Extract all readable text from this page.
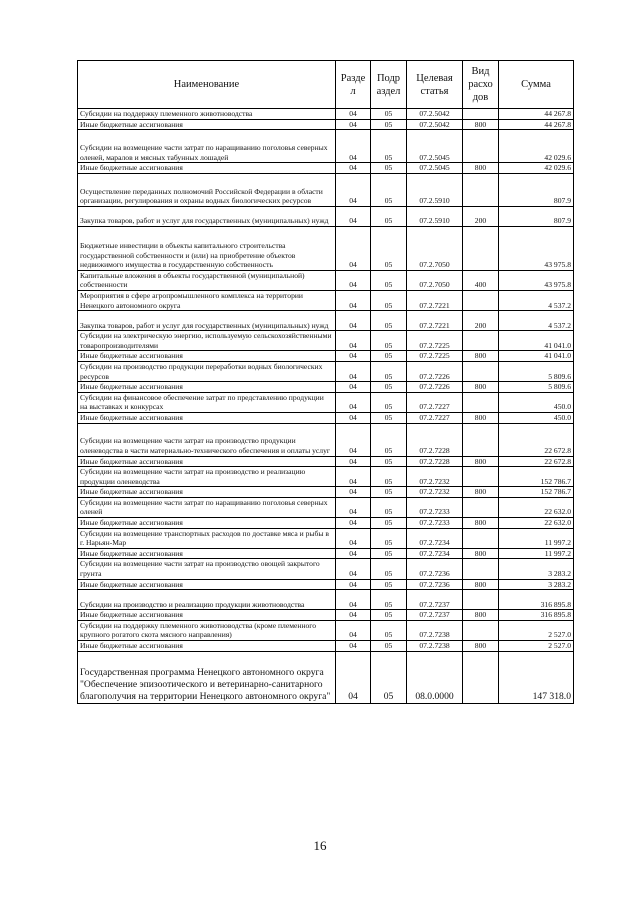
Наименование	Разде л	Подр аздел	Целевая статья	Вид расхо дов	Сумма
Субсидии на поддержку племенного животноводства	04	05	07.2.5042		44 267.8
Иные бюджетные ассигнования	04	05	07.2.5042	800	44 267.8
Субсидии на возмещение части затрат по наращиванию поголовья северных оленей, маралов и мясных табунных лошадей	04	05	07.2.5045		42 029.6
Иные бюджетные ассигнования	04	05	07.2.5045	800	42 029.6
Осуществление переданных полномочий Российской Федерации в области организации, регулирования и охраны водных биологических ресурсов	04	05	07.2.5910		807.9
Закупка товаров, работ и услуг для государственных (муниципальных) нужд	04	05	07.2.5910	200	807.9
Бюджетные инвестиции в объекты капитального строительства государственной собственности и (или) на приобретение объектов недвижимого имущества в государственную собственность	04	05	07.2.7050		43 975.8
Капитальные вложения в объекты государственной (муниципальной) собственности	04	05	07.2.7050	400	43 975.8
Мероприятия в сфере агропромышленного комплекса на территории Ненецкого автономного округа	04	05	07.2.7221		4 537.2
Закупка товаров, работ и услуг для государственных (муниципальных) нужд	04	05	07.2.7221	200	4 537.2
Субсидии на электрическую энергию, используемую сельскохозяйственными товаропроизводителями	04	05	07.2.7225		41 041.0
Иные бюджетные ассигнования	04	05	07.2.7225	800	41 041.0
Субсидии на производство продукции переработки водных биологических ресурсов	04	05	07.2.7226		5 809.6
Иные бюджетные ассигнования	04	05	07.2.7226	800	5 809.6
Субсидии на финансовое обеспечение затрат по представлению продукции на выставках и конкурсах	04	05	07.2.7227		450.0
Иные бюджетные ассигнования	04	05	07.2.7227	800	450.0
Субсидии на возмещение части затрат на производство продукции оленеводства в части материально-технического обеспечения и оплаты услуг	04	05	07.2.7228		22 672.8
Иные бюджетные ассигнования	04	05	07.2.7228	800	22 672.8
Субсидии на возмещение части затрат на производство и реализацию продукции оленеводства	04	05	07.2.7232		152 786.7
Иные бюджетные ассигнования	04	05	07.2.7232	800	152 786.7
Субсидии на возмещение части затрат по наращиванию поголовья северных оленей	04	05	07.2.7233		22 632.0
Иные бюджетные ассигнования	04	05	07.2.7233	800	22 632.0
Субсидии на возмещение транспортных расходов по доставке мяса и рыбы в г. Нарьян-Мар	04	05	07.2.7234		11 997.2
Иные бюджетные ассигнования	04	05	07.2.7234	800	11 997.2
Субсидии на возмещение части затрат на производство овощей закрытого грунта	04	05	07.2.7236		3 283.2
Иные бюджетные ассигнования	04	05	07.2.7236	800	3 283.2
Субсидии на производство и реализацию продукции животноводства	04	05	07.2.7237		316 895.8
Иные бюджетные ассигнования	04	05	07.2.7237	800	316 895.8
Субсидии на поддержку племенного животноводства (кроме племенного крупного рогатого скота мясного направления)	04	05	07.2.7238		2 527.0
Иные бюджетные ассигнования	04	05	07.2.7238	800	2 527.0
Государственная программа Ненецкого автономного округа "Обеспечение эпизоотического и ветеринарно-санитарного благополучия на территории Ненецкого автономного округа"	04	05	08.0.0000		147 318.0
16
